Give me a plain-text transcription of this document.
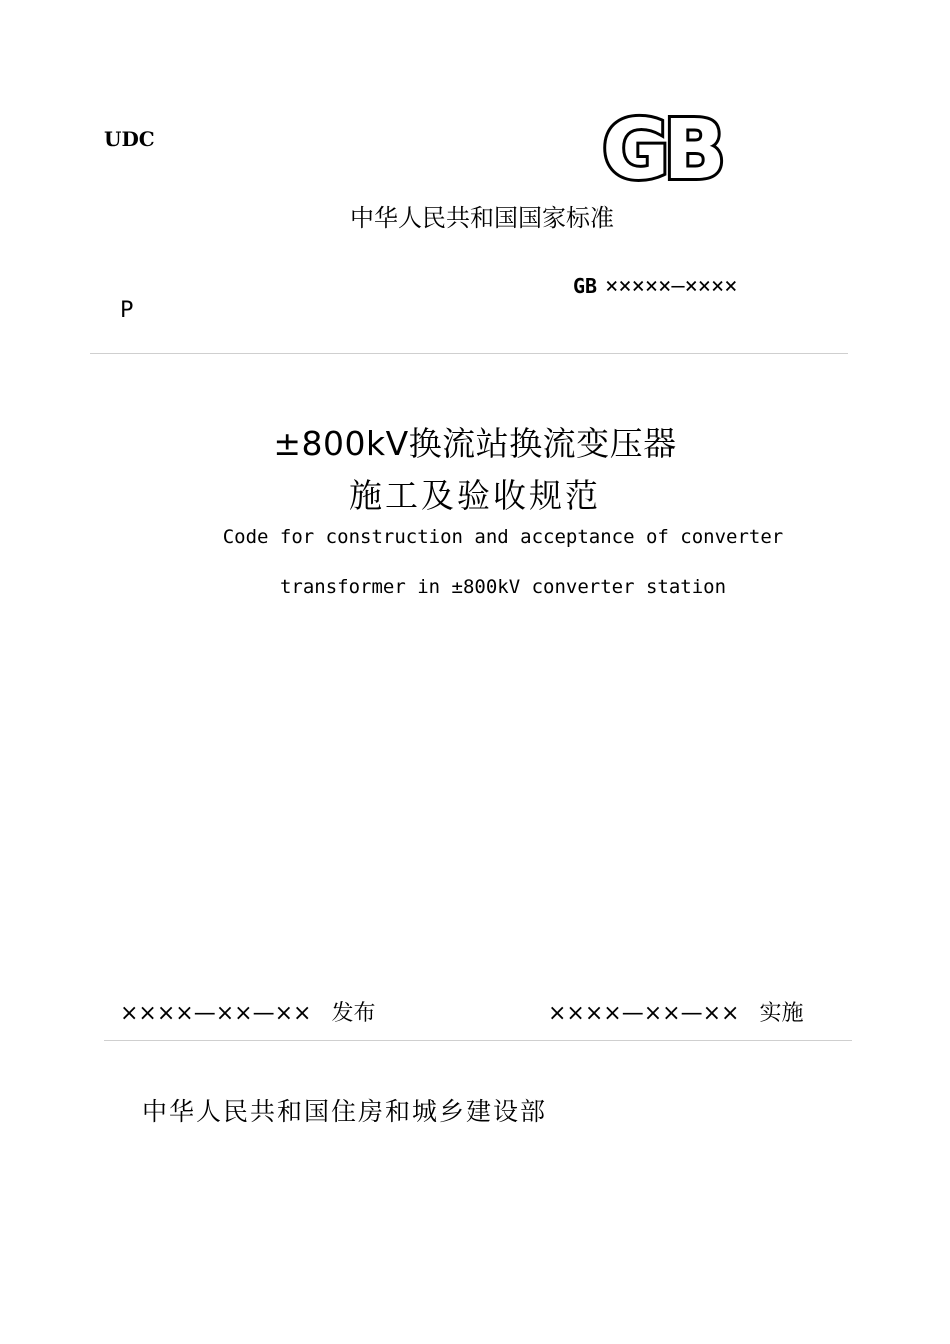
UDC	GB
中华人民共和国国家标准
GB ×××××—××××
P
±800kV换流站换流变压器
施工及验收规范
Code for construction and acceptance of converter
transformer in ±800kV converter station
××××—××—×× 发布	××××—××—×× 实施
中华人民共和国住房和城乡建设部
